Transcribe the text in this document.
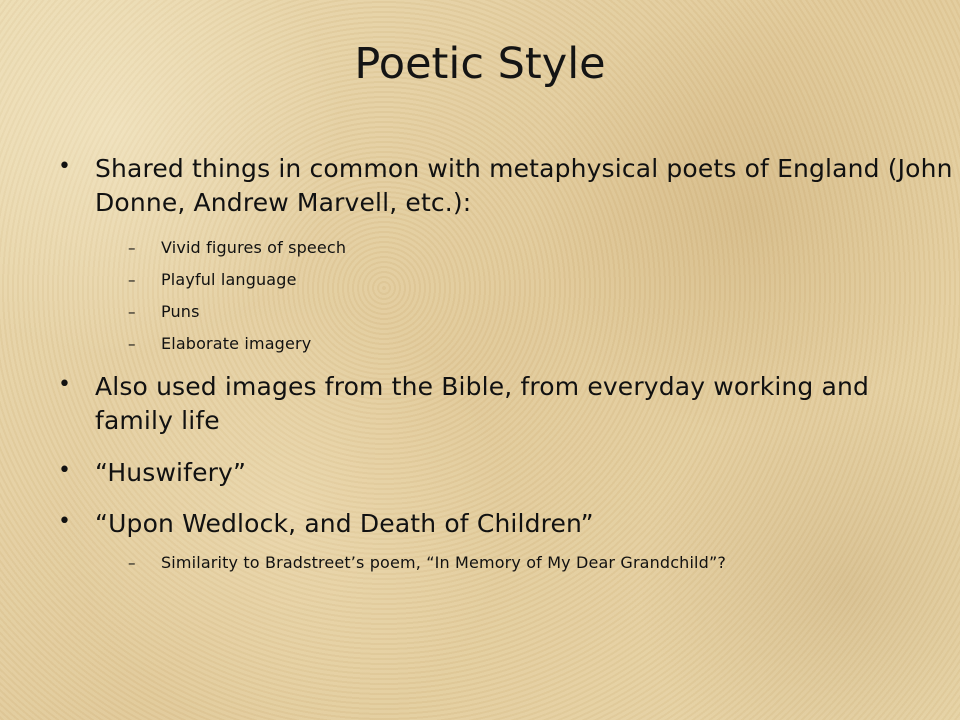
Poetic Style
• Shared things in common with metaphysical poets of England (John Donne, Andrew Marvell, etc.):
– Vivid figures of speech
– Playful language
– Puns
– Elaborate imagery
• Also used images from the Bible, from everyday working and family life
• “Huswifery”
• “Upon Wedlock, and Death of Children”
– Similarity to Bradstreet’s poem, “In Memory of My Dear Grandchild”?
